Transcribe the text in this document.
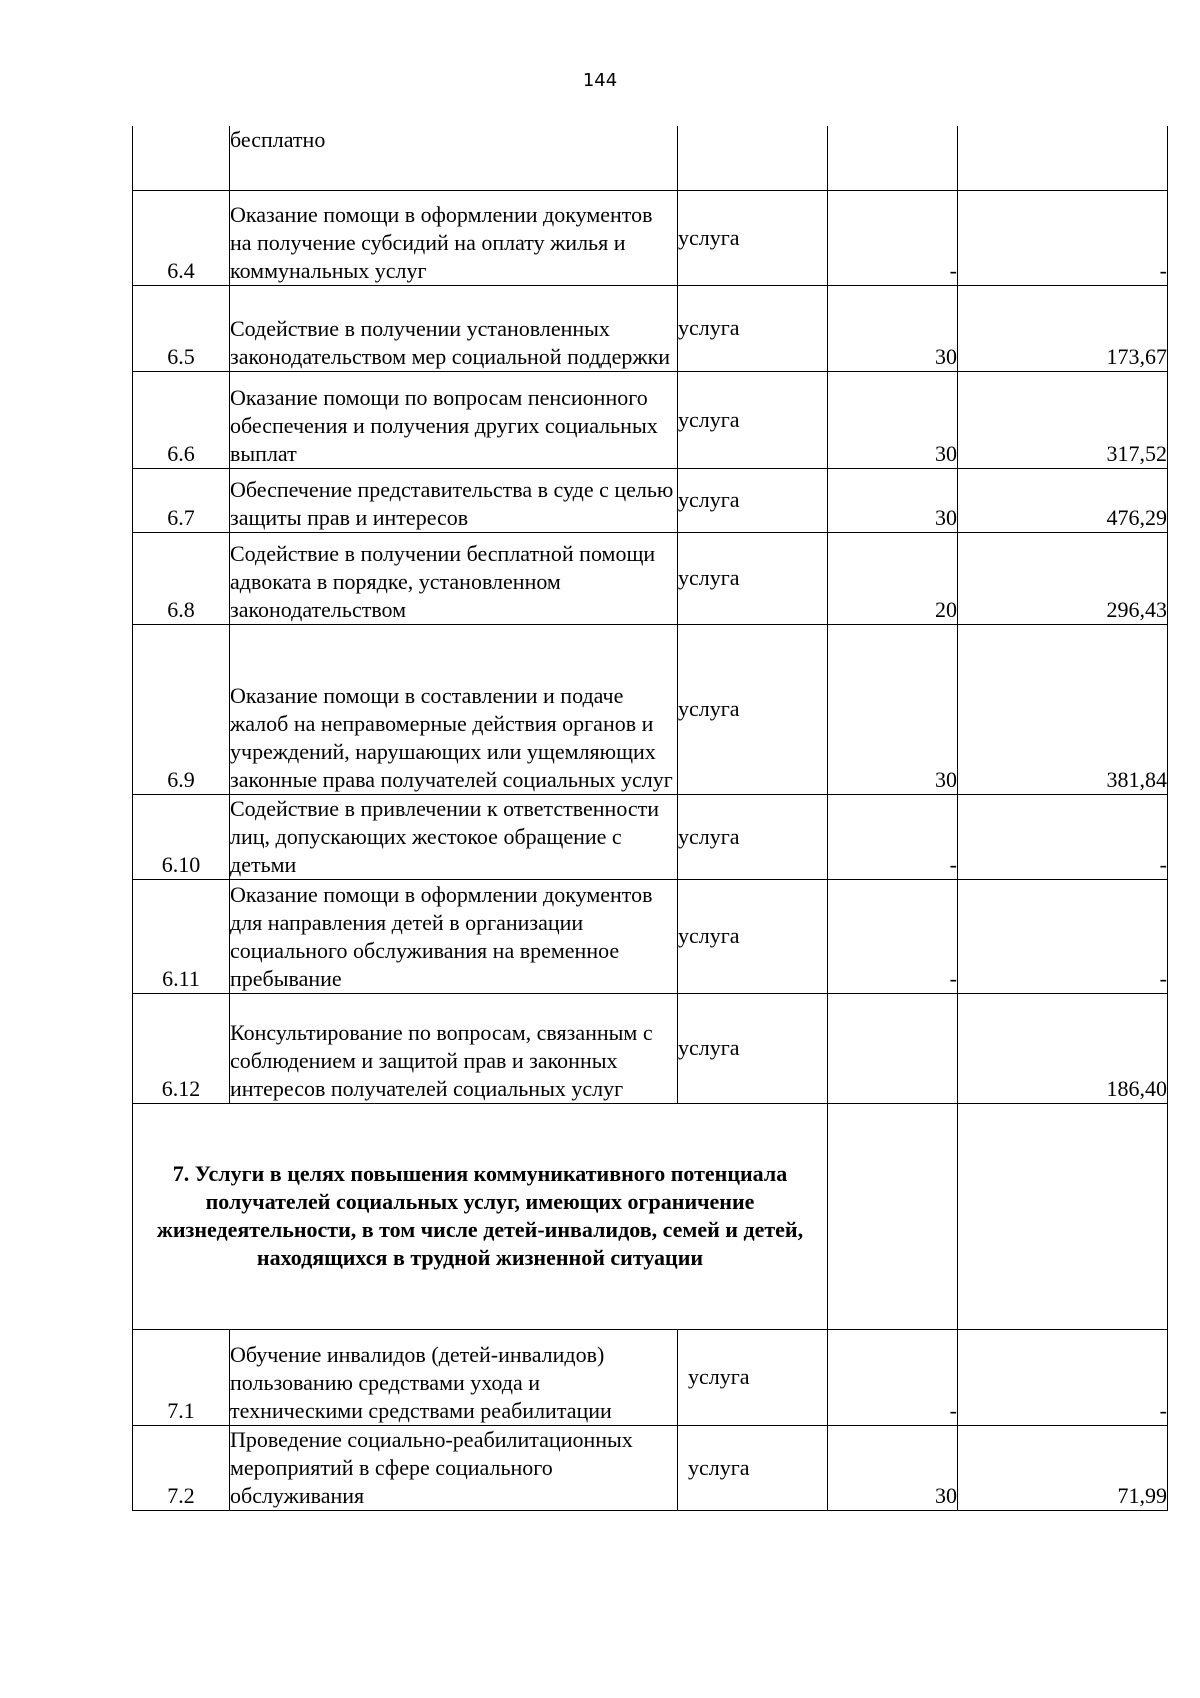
144

	бесплатно			

6.4	Оказание помощи в оформлении документов на получение субсидий на оплату жилья и коммунальных услуг	услуга	-	-
6.5	Содействие в получении установленных законодательством мер социальной поддержки	услуга	30	173,67
6.6	Оказание помощи по вопросам пенсионного обеспечения и получения других социальных выплат	услуга	30	317,52
6.7	Обеспечение представительства в суде с целью защиты прав и интересов	услуга	30	476,29
6.8	Содействие в получении бесплатной помощи адвоката в порядке, установленном законодательством	услуга	20	296,43
6.9	Оказание помощи в составлении и подаче жалоб на неправомерные действия органов и учреждений, нарушающих или ущемляющих законные права получателей социальных услуг	услуга	30	381,84
6.10	Содействие в привлечении к ответственности лиц, допускающих жестокое обращение с детьми	услуга	-	-
6.11	Оказание помощи в оформлении документов для направления детей в организации социального обслуживания на временное пребывание	услуга	-	-
6.12	Консультирование по вопросам, связанным с соблюдением и защитой прав и законных интересов получателей социальных услуг	услуга		186,40
7. Услуги в целях повышения коммуникативного потенциала получателей социальных услуг, имеющих ограничение жизнедеятельности, в том числе детей-инвалидов, семей и детей, находящихся в трудной жизненной ситуации				
7.1	Обучение инвалидов (детей-инвалидов) пользованию средствами ухода и техническими средствами реабилитации	услуга	-	-
7.2	Проведение социально-реабилитационных мероприятий в сфере социального обслуживания	услуга	30	71,99
